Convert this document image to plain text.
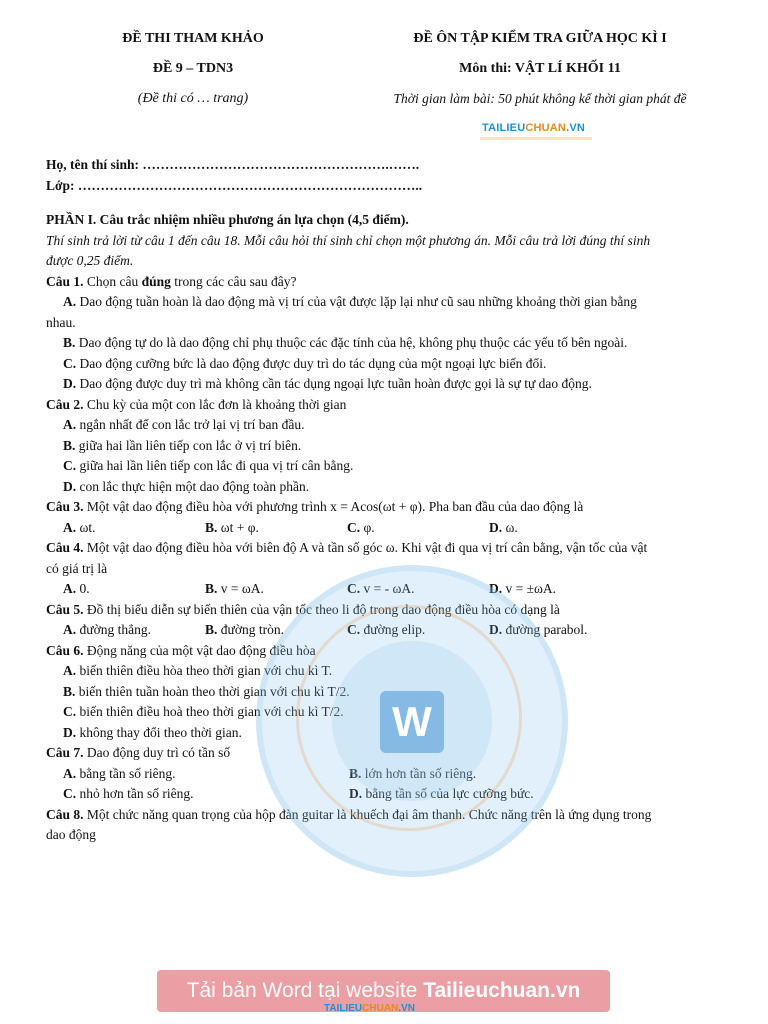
ĐỀ THI THAM KHẢO
ĐỀ 9 – TDN3
(Đề thi có … trang)
ĐỀ ÔN TẬP KIỂM TRA GIỮA HỌC KÌ I
Môn thi: VẬT LÍ KHỐI 11
Thời gian làm bài: 50 phút không kể thời gian phát đề
TAILIEUCHUAN.VN
Họ, tên thí sinh: ……………………………………………….…….
Lớp: …………………………………………………………………..
PHẦN I. Câu trắc nhiệm nhiều phương án lựa chọn (4,5 điểm).
Thí sinh trả lời từ câu 1 đến câu 18. Mỗi câu hỏi thí sinh chỉ chọn một phương án. Mỗi câu trả lời đúng thí sinh
được 0,25 điểm.
Câu 1. Chọn câu đúng trong các câu sau đây?
A. Dao động tuần hoàn là dao động mà vị trí của vật được lặp lại như cũ sau những khoảng thời gian bằng
nhau.
B. Dao động tự do là dao động chỉ phụ thuộc các đặc tính của hệ, không phụ thuộc các yếu tố bên ngoài.
C. Dao động cưỡng bức là dao động được duy trì do tác dụng của một ngoại lực biến đổi.
D. Dao động được duy trì mà không cần tác dụng ngoại lực tuần hoàn được gọi là sự tự dao động.
Câu 2. Chu kỳ của một con lắc đơn là khoảng thời gian
A. ngắn nhất để con lắc trở lại vị trí ban đầu.
B. giữa hai lần liên tiếp con lắc ở vị trí biên.
C. giữa hai lần liên tiếp con lắc đi qua vị trí cân bằng.
D. con lắc thực hiện một dao động toàn phần.
Câu 3. Một vật dao động điều hòa với phương trình x = Acos(ωt + φ). Pha ban đầu của dao động là
A. ωt.	B. ωt + φ.	C. φ.	D. ω.
Câu 4. Một vật dao động điều hòa với biên độ A và tần số góc ω. Khi vật đi qua vị trí cân bằng, vận tốc của vật
có giá trị là
A. 0.	B. v = ωA.	C. v = - ωA.	D. v = ±ωA.
Câu 5. Đồ thị biểu diễn sự biến thiên của vận tốc theo li độ trong dao động điều hòa có dạng là
A. đường thẳng.	B. đường tròn.	C. đường elip.	D. đường parabol.
Câu 6. Động năng của một vật dao động điều hòa
A. biến thiên điều hòa theo thời gian với chu kì T.
B. biến thiên tuần hoàn theo thời gian với chu kì T/2.
C. biến thiên điều hoà theo thời gian với chu kì T/2.
D. không thay đổi theo thời gian.
Câu 7. Dao động duy trì có tần số
A. bằng tần số riêng.	B. lớn hơn tần số riêng.
C. nhỏ hơn tần số riêng.	D. bằng tần số của lực cưỡng bức.
Câu 8. Một chức năng quan trọng của hộp đàn guitar là khuếch đại âm thanh. Chức năng trên là ứng dụng trong
dao động
W
Tải bản Word tại website Tailieuchuan.vn
TAILIEUCHUAN.VN
